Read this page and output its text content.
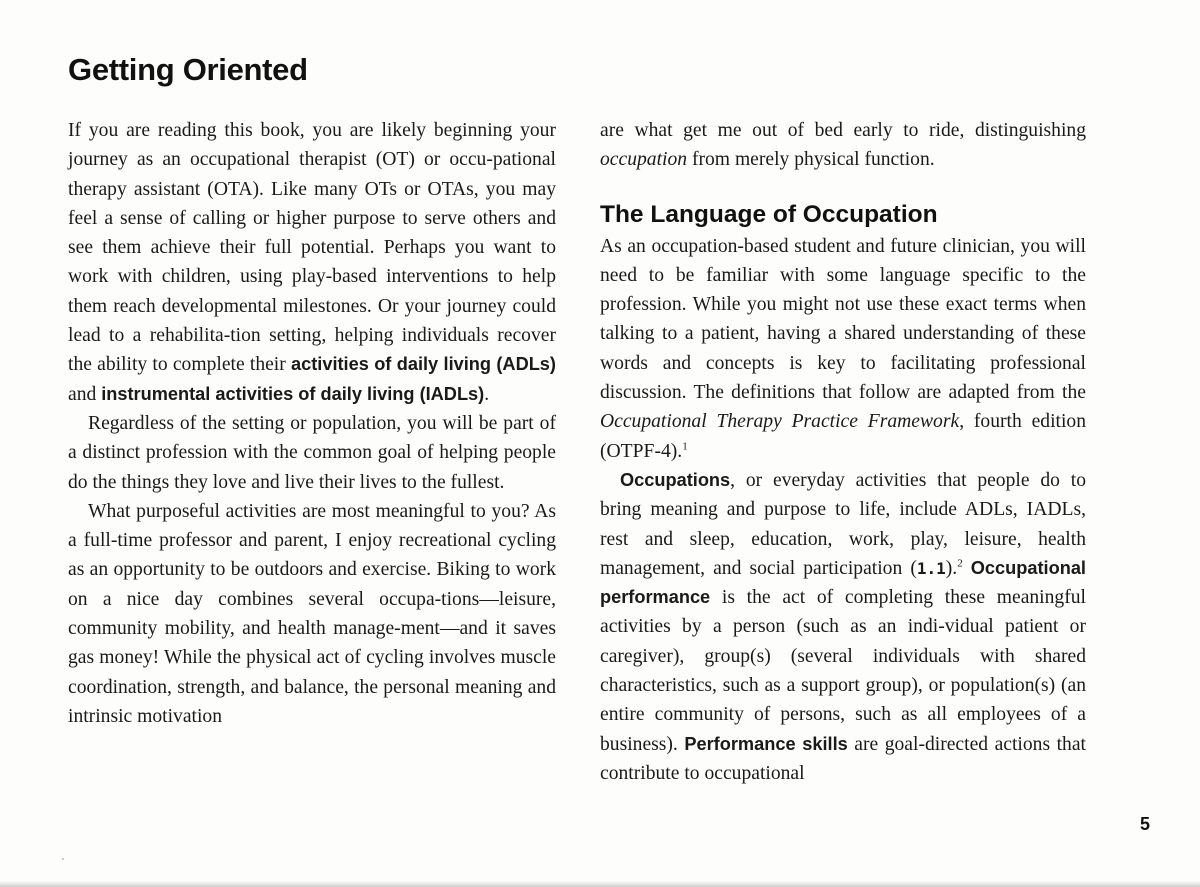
Getting Oriented

If you are reading this book, you are likely beginning your journey as an occupational therapist (OT) or occu-pational therapy assistant (OTA). Like many OTs or OTAs, you may feel a sense of calling or higher purpose to serve others and see them achieve their full potential. Perhaps you want to work with children, using play-based interventions to help them reach developmental milestones. Or your journey could lead to a rehabilita-tion setting, helping individuals recover the ability to complete their activities of daily living (ADLs) and instrumental activities of daily living (IADLs).

Regardless of the setting or population, you will be part of a distinct profession with the common goal of helping people do the things they love and live their lives to the fullest.

What purposeful activities are most meaningful to you? As a full-time professor and parent, I enjoy recreational cycling as an opportunity to be outdoors and exercise. Biking to work on a nice day combines several occupa-tions—leisure, community mobility, and health manage-ment—and it saves gas money! While the physical act of cycling involves muscle coordination, strength, and balance, the personal meaning and intrinsic motivation

are what get me out of bed early to ride, distinguishing occupation from merely physical function.

The Language of Occupation

As an occupation-based student and future clinician, you will need to be familiar with some language specific to the profession. While you might not use these exact terms when talking to a patient, having a shared understanding of these words and concepts is key to facilitating professional discussion. The definitions that follow are adapted from the Occupational Therapy Practice Framework, fourth edition (OTPF-4).$^1$

Occupations, or everyday activities that people do to bring meaning and purpose to life, include ADLs, IADLs, rest and sleep, education, work, play, leisure, health management, and social participation (1.1).$^2$ Occupational performance is the act of completing these meaningful activities by a person (such as an indi-vidual patient or caregiver), group(s) (several individuals with shared characteristics, such as a support group), or population(s) (an entire community of persons, such as all employees of a business). Performance skills are goal-directed actions that contribute to occupational

5
